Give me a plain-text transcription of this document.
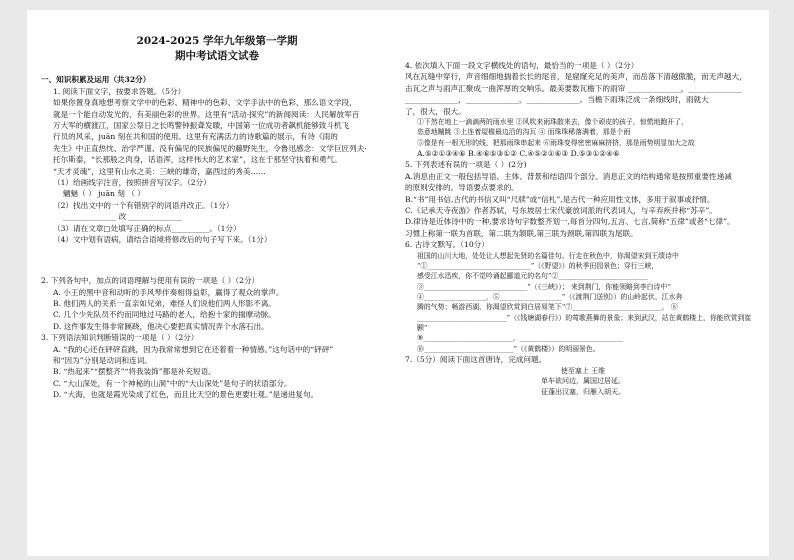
2024-2025 学年九年级第一学期
期中考试语文试卷

一、知识积累及运用（共32分）

1. 阅读下面文字，按要求答题。（5分）

如果你置身真地想考察文学中的色彩、精神中的色彩、文学手法中的色彩，那么语文学段，

就是一个能自动发光的、有美丽色彩的世界。这里有“活动·探究”的新闻阅读：人民解放军百

万大军的横渡江，国家公祭日之长鸣警钟振聋发聩，中国第一位成功者飙机能够致斗机飞

行员的风采，juān 刻在共和国的使用。这里有充满活力的诗歌篇的展示，有诗《雨的

先生》中正直热忱、治学严谨、没有偏见的民族偏见的藤野先生，令鲁迅感念：文学巨匠列夫·

托尔斯泰，“长那般之肉身，话语浑，这样伟大的艺术家”，这在于那坚守执着和勇气。

“天才灵魂”，这里有山水之美：三峡的雄奇，嘉西过的秀美……

（1）给画线字注音，按照拼音写汉字。（2分）

魑魅（ ） juān 刻 （ ）

（2）找出文中的一个有错别字的词语并改正。（1分）

______________ 改 ______________

（3）请在文章□处填写正确的标点__________。（1分）

（4）文中划有语病，请结合语境将修改后的句子写下来。（1分）

2. 下列各句中，加点的词语理解与使用有误的一项是（ ）（2分）

A. 小王的黑中音和动听的手风琴伴奏相得益彰，赢得了观众的掌声。

B. 他们两人的关系一直亲如兄弟，难怪人们说他们两人形影不离。

C. 几个少先队员不约而同地过马路的老人，给抱十家的揣摩动脉。

D. 这件事发生得非常蹊跷，他决心要把真实情况弄个水落石出。

3. 下列语法知识判断错误的一项是（ ）（2分）

A. “我的心还在砰砰直跳，因为我常常想到它在还着着一种情感。”这句话中的“砰砰”

和“因为”分别是动词和连词。

B. “热起来”“摆整齐”“将我装饰”都是补充短语。

C. “大山深处，有一个神秘的山洞”中的“大山深处”是句子的状语部分。

D. “大海，也就是霞光染成了红色，而且比天空的景色更要壮观。”是递进复句。

4. 依次填入下面一段文字横线处的语句，最恰当的一项是（ ）（2分）

风在瓦缝中穿行，声音细细地揣着长长的尾音，是窟窿充足的美声，而岳落下清越傲脆，而无声越大，

击瓦之声与雨声汇聚成一曲浑厚的交响乐。最美要数瓦檐下的雨帘 ______________，______________

______________，______________，______________。当檐下雨珠泛成一条细线时，雨就大

了，很大，很大。

①下然在地上一滴滴两的雨水里 ②风吹来雨珠散来去，像个顽皮的孩子，惊慌地跑开了，

恣意地蹦跳 ③上连着屋檐最边沿的沟瓦 ④ 而珠珠稀落满着，那是个雨

⑤像是有一根无形的线，把那雨珠串起来 ⑥雨珠变得密密麻麻挤挤，那是雨势明显加大之故

A.⑤②①③④⑥ B.④⑥⑤③①② C.④⑤②①⑥③ D.⑤③①②④⑥

5. 下列表述有误的一项是（ ）(2分)

A.消息由正文一般包括导语、主体、背景和结语四个部分。消息正文的结构通常是按照重要性递减

的原则安排的。导语要点要求的。

B.“书”用书信,古代的书信又叫“尺牍”或“信札”,是古代一种应用性文体，多用于叙事或抒情。

C.《记承天寺夜游》作者苏轼，号东坡居士宋代豪放词派的代表词人，与辛弃疾并称“苏辛”。

D.律诗是近体诗中的一种,要求诗句字数整齐划一,每首分四句,五言、七言,简称“五律”或者“七律”。

习惯上称第一联为首联，第二联为颔联,第三联为颈联,第四联为尾联。

6. 古诗文默写。（10分）

祖国的山川大地，处处让人想起先贤的名篇佳句。行走在秋色中，你渴望宋到王绩诗中

“①______________________________”（《野望》）的秋季田园景色；穿行三峡，

感受江水迅疾，你不觉吟诵起郦道元的名句“②__________________________

③______________________________”（《三峡》）； 来到荆门，你能领略到李白诗中“

④__________________，⑤__________________”（《渡荆门送别》）的山岭起伏、江水奔

腾的气势；畅游西湖，你渴望欣赏到白居易笔下“⑦__________________________， ⑧

__________________________”（《钱塘湖春行》）的莺歌燕舞的景象；来到武汉，站在黄鹤楼上，你能欣赏到崔颢“

⑨__________________________，______________________________

⑩__________________________”（《黄鹤楼》）的明丽景色。

7.（5分）阅读下面这首唐诗，完成问题。

使至塞上 王维

单车欲问边，属国过居延。

征蓬出汉塞，归雁入胡天。
